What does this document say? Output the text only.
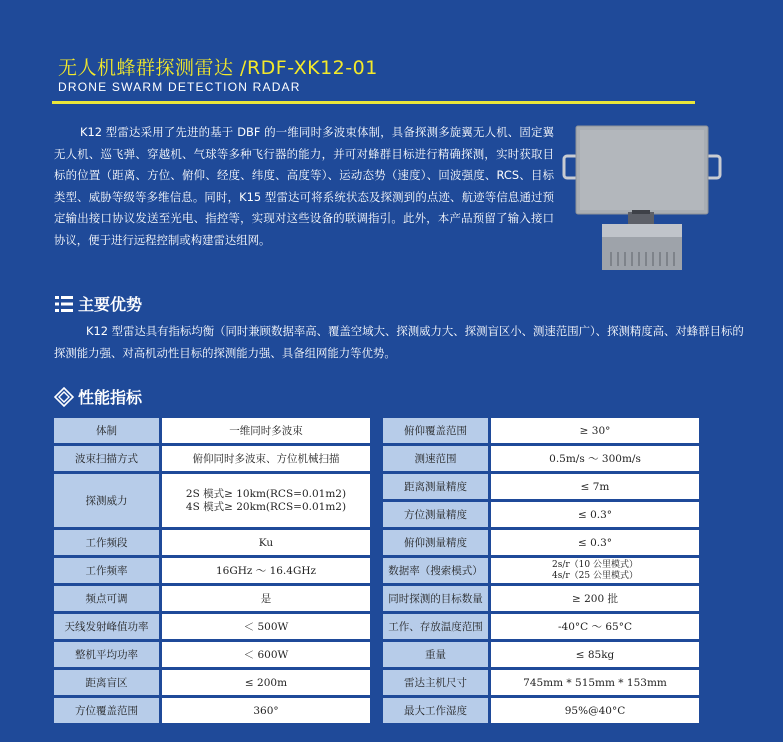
无人机蜂群探测雷达 /RDF-XK12-01
DRONE SWARM DETECTION RADAR
K12 型雷达采用了先进的基于 DBF 的一维同时多波束体制，具备探测多旋翼无人机、固定翼无人机、巡飞弹、穿越机、气球等多种飞行器的能力，并可对蜂群目标进行精确探测，实时获取目标的位置（距离、方位、俯仰、经度、纬度、高度等）、运动态势（速度）、回波强度、RCS、目标类型、威胁等级等多维信息。同时，K15 型雷达可将系统状态及探测到的点迹、航迹等信息通过预定输出接口协议发送至光电、指控等，实现对这些设备的联调指引。此外，本产品预留了输入接口协议，便于进行远程控制或构建雷达组网。
主要优势
K12 型雷达具有指标均衡（同时兼顾数据率高、覆盖空域大、探测威力大、探测盲区小、测速范围广）、探测精度高、对蜂群目标的探测能力强、对高机动性目标的探测能力强、具备组网能力等优势。
性能指标
体制	一维同时多波束
波束扫描方式	俯仰同时多波束、方位机械扫描
探测威力	2S 模式≥ 10km(RCS=0.01m2)
4S 模式≥ 20km(RCS=0.01m2)

工作频段	Ku
工作频率	16GHz ～ 16.4GHz
频点可调	是
天线发射峰值功率	＜ 500W
整机平均功率	＜ 600W
距离盲区	≤ 200m
方位覆盖范围	360°
俯仰覆盖范围	≥ 30°
测速范围	0.5m/s ～ 300m/s
距离测量精度	≤ 7m
方位测量精度	≤ 0.3°
俯仰测量精度	≤ 0.3°
数据率（搜索模式）	2s/r（10 公里模式）
4s/r（25 公里模式）

同时探测的目标数量	≥ 200 批
工作、存放温度范围	-40°C ～ 65°C
重量	≤ 85kg
雷达主机尺寸	745mm * 515mm * 153mm
最大工作湿度	95%@40°C
